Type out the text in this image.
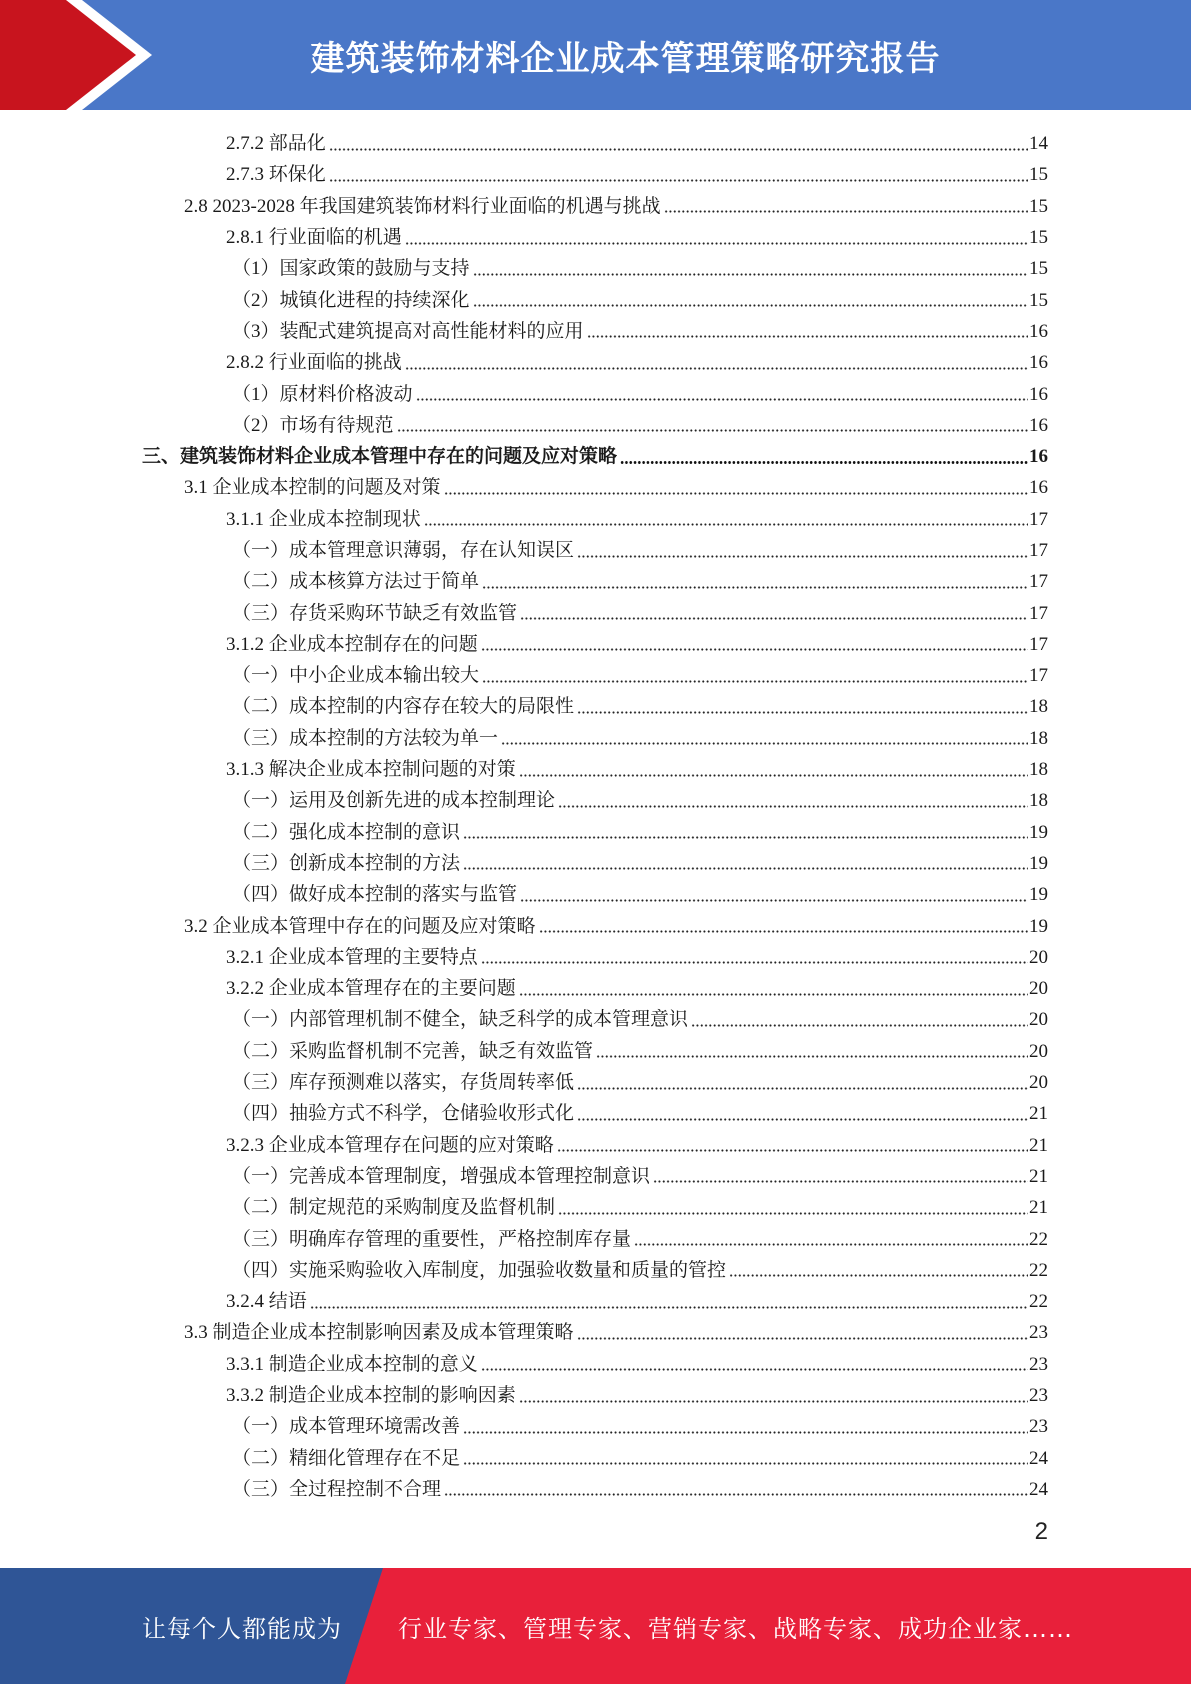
建筑装饰材料企业成本管理策略研究报告
2.7.2 部品化	14
2.7.3 环保化	15
2.8 2023-2028 年我国建筑装饰材料行业面临的机遇与挑战	15
2.8.1 行业面临的机遇	15
（1）国家政策的鼓励与支持	15
（2）城镇化进程的持续深化	15
（3）装配式建筑提高对高性能材料的应用	16
2.8.2 行业面临的挑战	16
（1）原材料价格波动	16
（2）市场有待规范	16
三、建筑装饰材料企业成本管理中存在的问题及应对策略	16
3.1 企业成本控制的问题及对策	16
3.1.1 企业成本控制现状	17
（一）成本管理意识薄弱，存在认知误区	17
（二）成本核算方法过于简单	17
（三）存货采购环节缺乏有效监管	17
3.1.2 企业成本控制存在的问题	17
（一）中小企业成本输出较大	17
（二）成本控制的内容存在较大的局限性	18
（三）成本控制的方法较为单一	18
3.1.3 解决企业成本控制问题的对策	18
（一）运用及创新先进的成本控制理论	18
（二）强化成本控制的意识	19
（三）创新成本控制的方法	19
（四）做好成本控制的落实与监管	19
3.2 企业成本管理中存在的问题及应对策略	19
3.2.1 企业成本管理的主要特点	20
3.2.2 企业成本管理存在的主要问题	20
（一）内部管理机制不健全，缺乏科学的成本管理意识	20
（二）采购监督机制不完善，缺乏有效监管	20
（三）库存预测难以落实，存货周转率低	20
（四）抽验方式不科学，仓储验收形式化	21
3.2.3 企业成本管理存在问题的应对策略	21
（一）完善成本管理制度，增强成本管理控制意识	21
（二）制定规范的采购制度及监督机制	21
（三）明确库存管理的重要性，严格控制库存量	22
（四）实施采购验收入库制度，加强验收数量和质量的管控	22
3.2.4 结语	22
3.3 制造企业成本控制影响因素及成本管理策略	23
3.3.1 制造企业成本控制的意义	23
3.3.2 制造企业成本控制的影响因素	23
（一）成本管理环境需改善	23
（二）精细化管理存在不足	24
（三）全过程控制不合理	24
2
让每个人都能成为 行业专家、管理专家、营销专家、战略专家、成功企业家……
